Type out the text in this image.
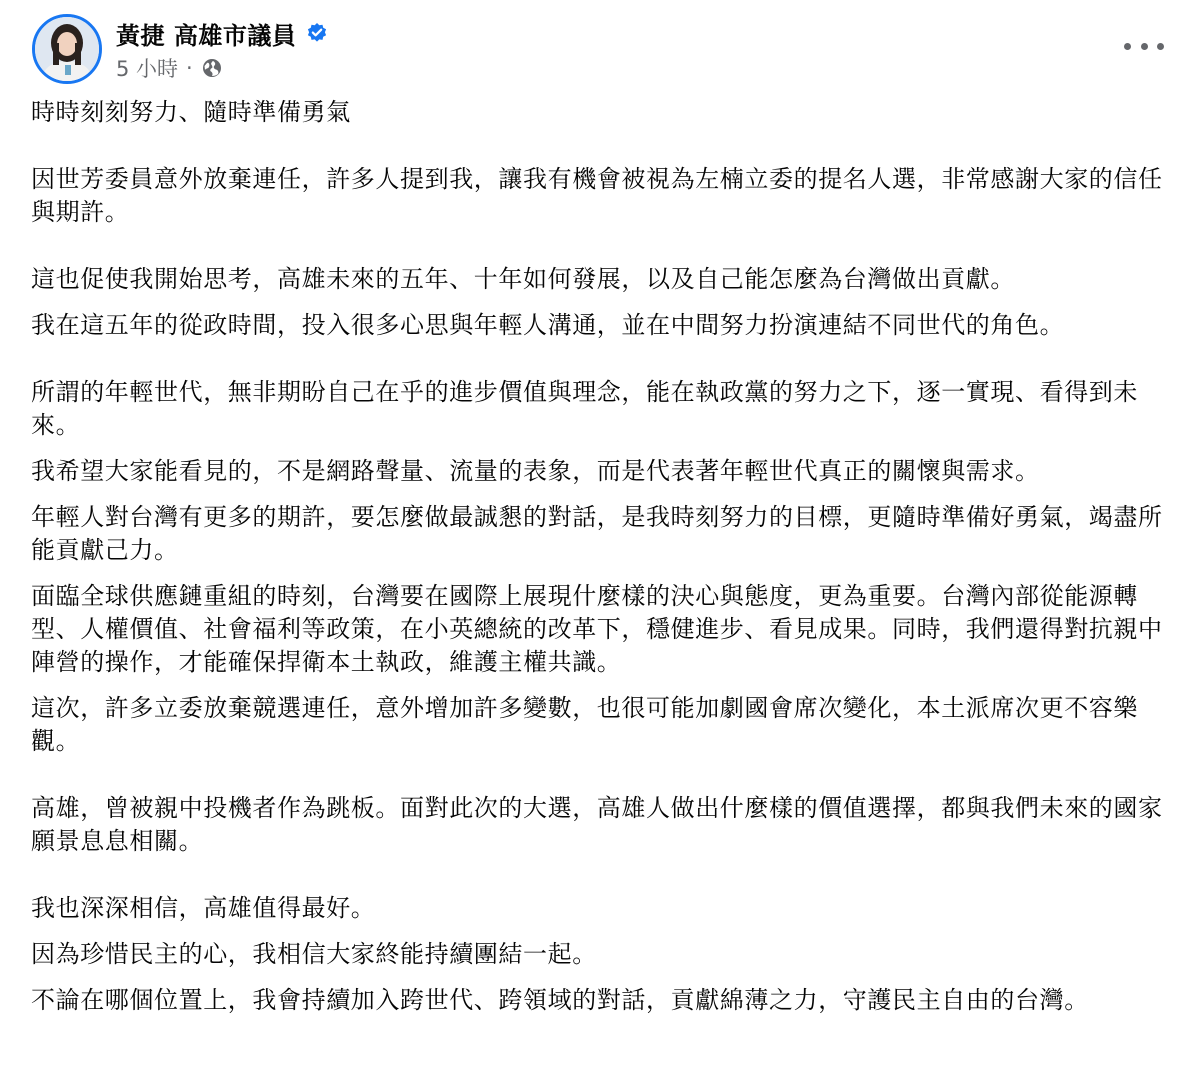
黃捷 高雄市議員
5 小時 ·

時時刻刻努力、隨時準備勇氣

因世芳委員意外放棄連任，許多人提到我，讓我有機會被視為左楠立委的提名人選，非常感謝大家的信任與期許。

這也促使我開始思考，高雄未來的五年、十年如何發展，以及自己能怎麼為台灣做出貢獻。

我在這五年的從政時間，投入很多心思與年輕人溝通，並在中間努力扮演連結不同世代的角色。

所謂的年輕世代，無非期盼自己在乎的進步價值與理念，能在執政黨的努力之下，逐一實現、看得到未來。

我希望大家能看見的，不是網路聲量、流量的表象，而是代表著年輕世代真正的關懷與需求。

年輕人對台灣有更多的期許，要怎麼做最誠懇的對話，是我時刻努力的目標，更隨時準備好勇氣，竭盡所能貢獻己力。

面臨全球供應鏈重組的時刻，台灣要在國際上展現什麼樣的決心與態度，更為重要。台灣內部從能源轉型、人權價值、社會福利等政策，在小英總統的改革下，穩健進步、看見成果。同時，我們還得對抗親中陣營的操作，才能確保捍衛本土執政，維護主權共識。

這次，許多立委放棄競選連任，意外增加許多變數，也很可能加劇國會席次變化，本土派席次更不容樂觀。

高雄，曾被親中投機者作為跳板。面對此次的大選，高雄人做出什麼樣的價值選擇，都與我們未來的國家願景息息相關。

我也深深相信，高雄值得最好。

因為珍惜民主的心，我相信大家終能持續團結一起。

不論在哪個位置上，我會持續加入跨世代、跨領域的對話，貢獻綿薄之力，守護民主自由的台灣。
